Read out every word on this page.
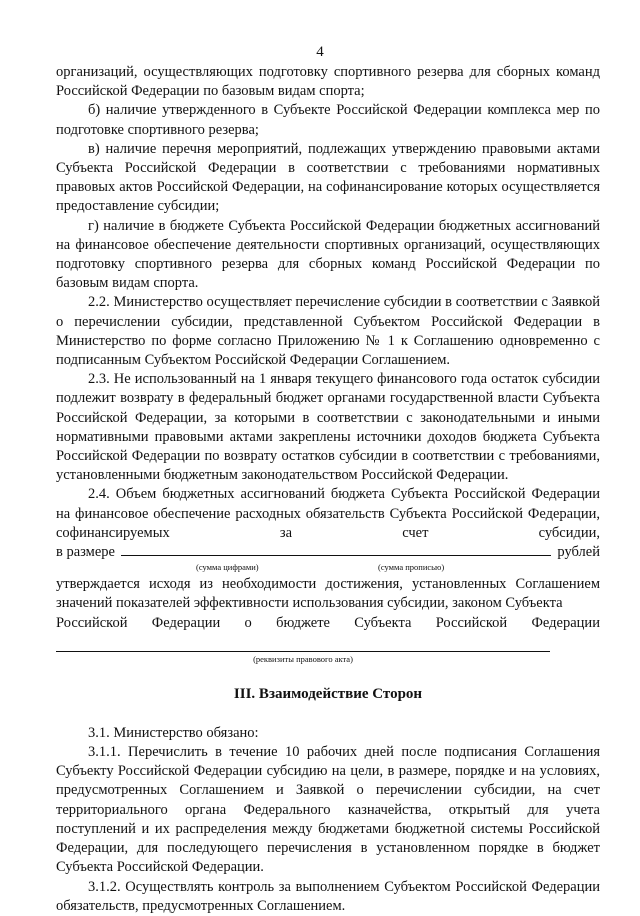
4

организаций, осуществляющих подготовку спортивного резерва для сборных команд Российской Федерации по базовым видам спорта;

б) наличие утвержденного в Субъекте Российской Федерации комплекса мер по подготовке спортивного резерва;

в) наличие перечня мероприятий, подлежащих утверждению правовыми актами Субъекта Российской Федерации в соответствии с требованиями нормативных правовых актов Российской Федерации, на софинансирование которых осуществляется предоставление субсидии;

г) наличие в бюджете Субъекта Российской Федерации бюджетных ассигнований на финансовое обеспечение деятельности спортивных организаций, осуществляющих подготовку спортивного резерва для сборных команд Российской Федерации по базовым видам спорта.

2.2. Министерство осуществляет перечисление субсидии в соответствии с Заявкой о перечислении субсидии, представленной Субъектом Российской Федерации в Министерство по форме согласно Приложению № 1 к Соглашению одновременно с подписанным Субъектом Российской Федерации Соглашением.

2.3. Не использованный на 1 января текущего финансового года остаток субсидии подлежит возврату в федеральный бюджет органами государственной власти Субъекта Российской Федерации, за которыми в соответствии с законодательными и иными нормативными правовыми актами закреплены источники доходов бюджета Субъекта Российской Федерации по возврату остатков субсидии в соответствии с требованиями, установленными бюджетным законодательством Российской Федерации.

2.4. Объем бюджетных ассигнований бюджета Субъекта Российской Федерации на финансовое обеспечение расходных обязательств Субъекта Российской Федерации, софинансируемых за счет субсидии,

в размере	рублей
(сумма цифрами)	(сумма прописью)

утверждается исходя из необходимости достижения, установленных Соглашением значений показателей эффективности использования субсидии, законом Субъекта

Российской Федерации о бюджете Субъекта Российской Федерации
(реквизиты правового акта)
III. Взаимодействие Сторон

3.1. Министерство обязано:

3.1.1. Перечислить в течение 10 рабочих дней после подписания Соглашения Субъекту Российской Федерации субсидию на цели, в размере, порядке и на условиях, предусмотренных Соглашением и Заявкой о перечислении субсидии, на счет территориального органа Федерального казначейства, открытый для учета поступлений и их распределения между бюджетами бюджетной системы Российской Федерации, для последующего перечисления в установленном порядке в бюджет Субъекта Российской Федерации.

3.1.2. Осуществлять контроль за выполнением Субъектом Российской Федерации обязательств, предусмотренных Соглашением.
